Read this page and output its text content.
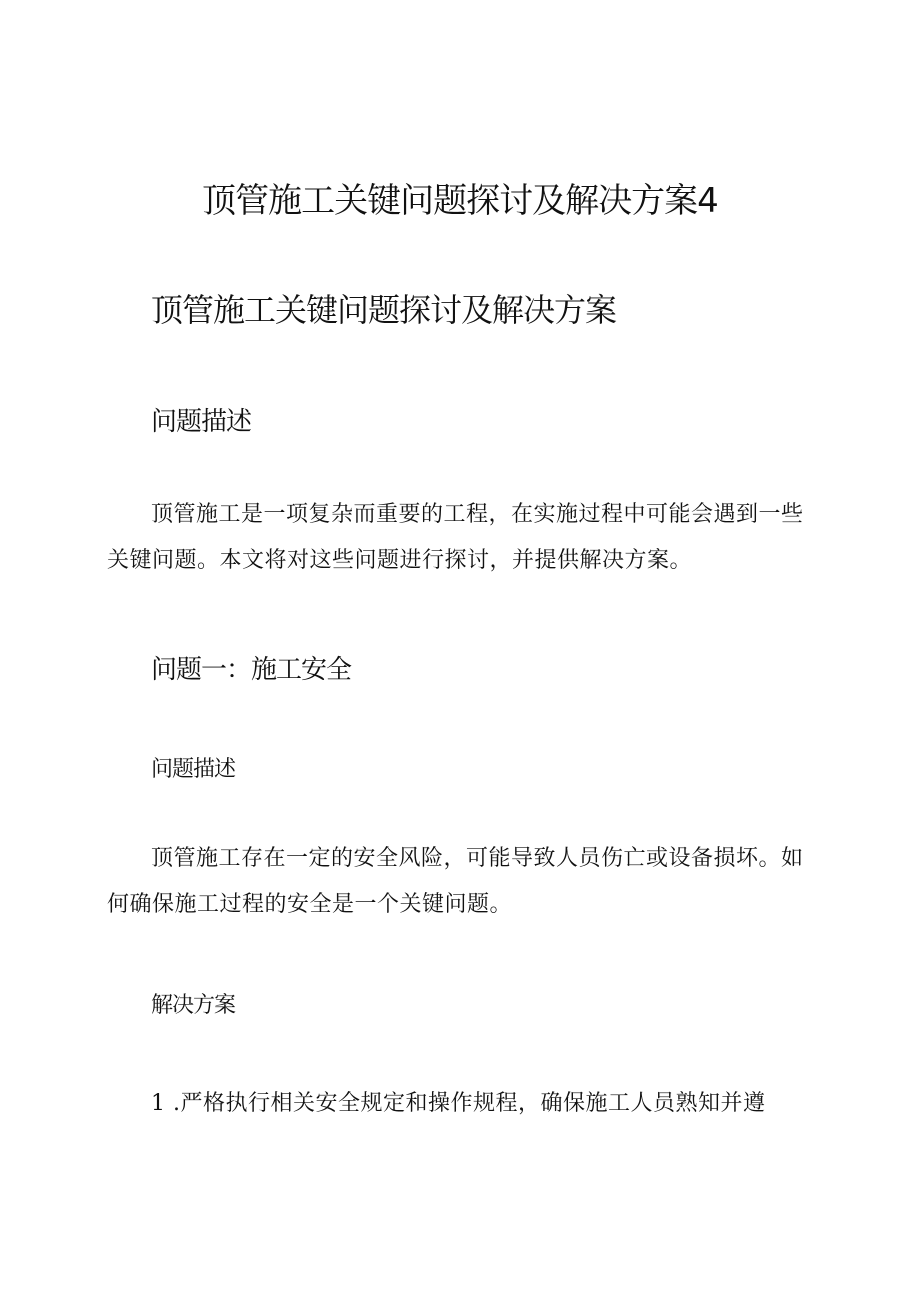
顶管施工关键问题探讨及解决方案4
顶管施工关键问题探讨及解决方案
问题描述

顶管施工是一项复杂而重要的工程，在实施过程中可能会遇到一些关键问题。本文将对这些问题进行探讨，并提供解决方案。

问题一：施工安全
问题描述

顶管施工存在一定的安全风险，可能导致人员伤亡或设备损坏。如何确保施工过程的安全是一个关键问题。

解决方案

1 .严格执行相关安全规定和操作规程，确保施工人员熟知并遵
